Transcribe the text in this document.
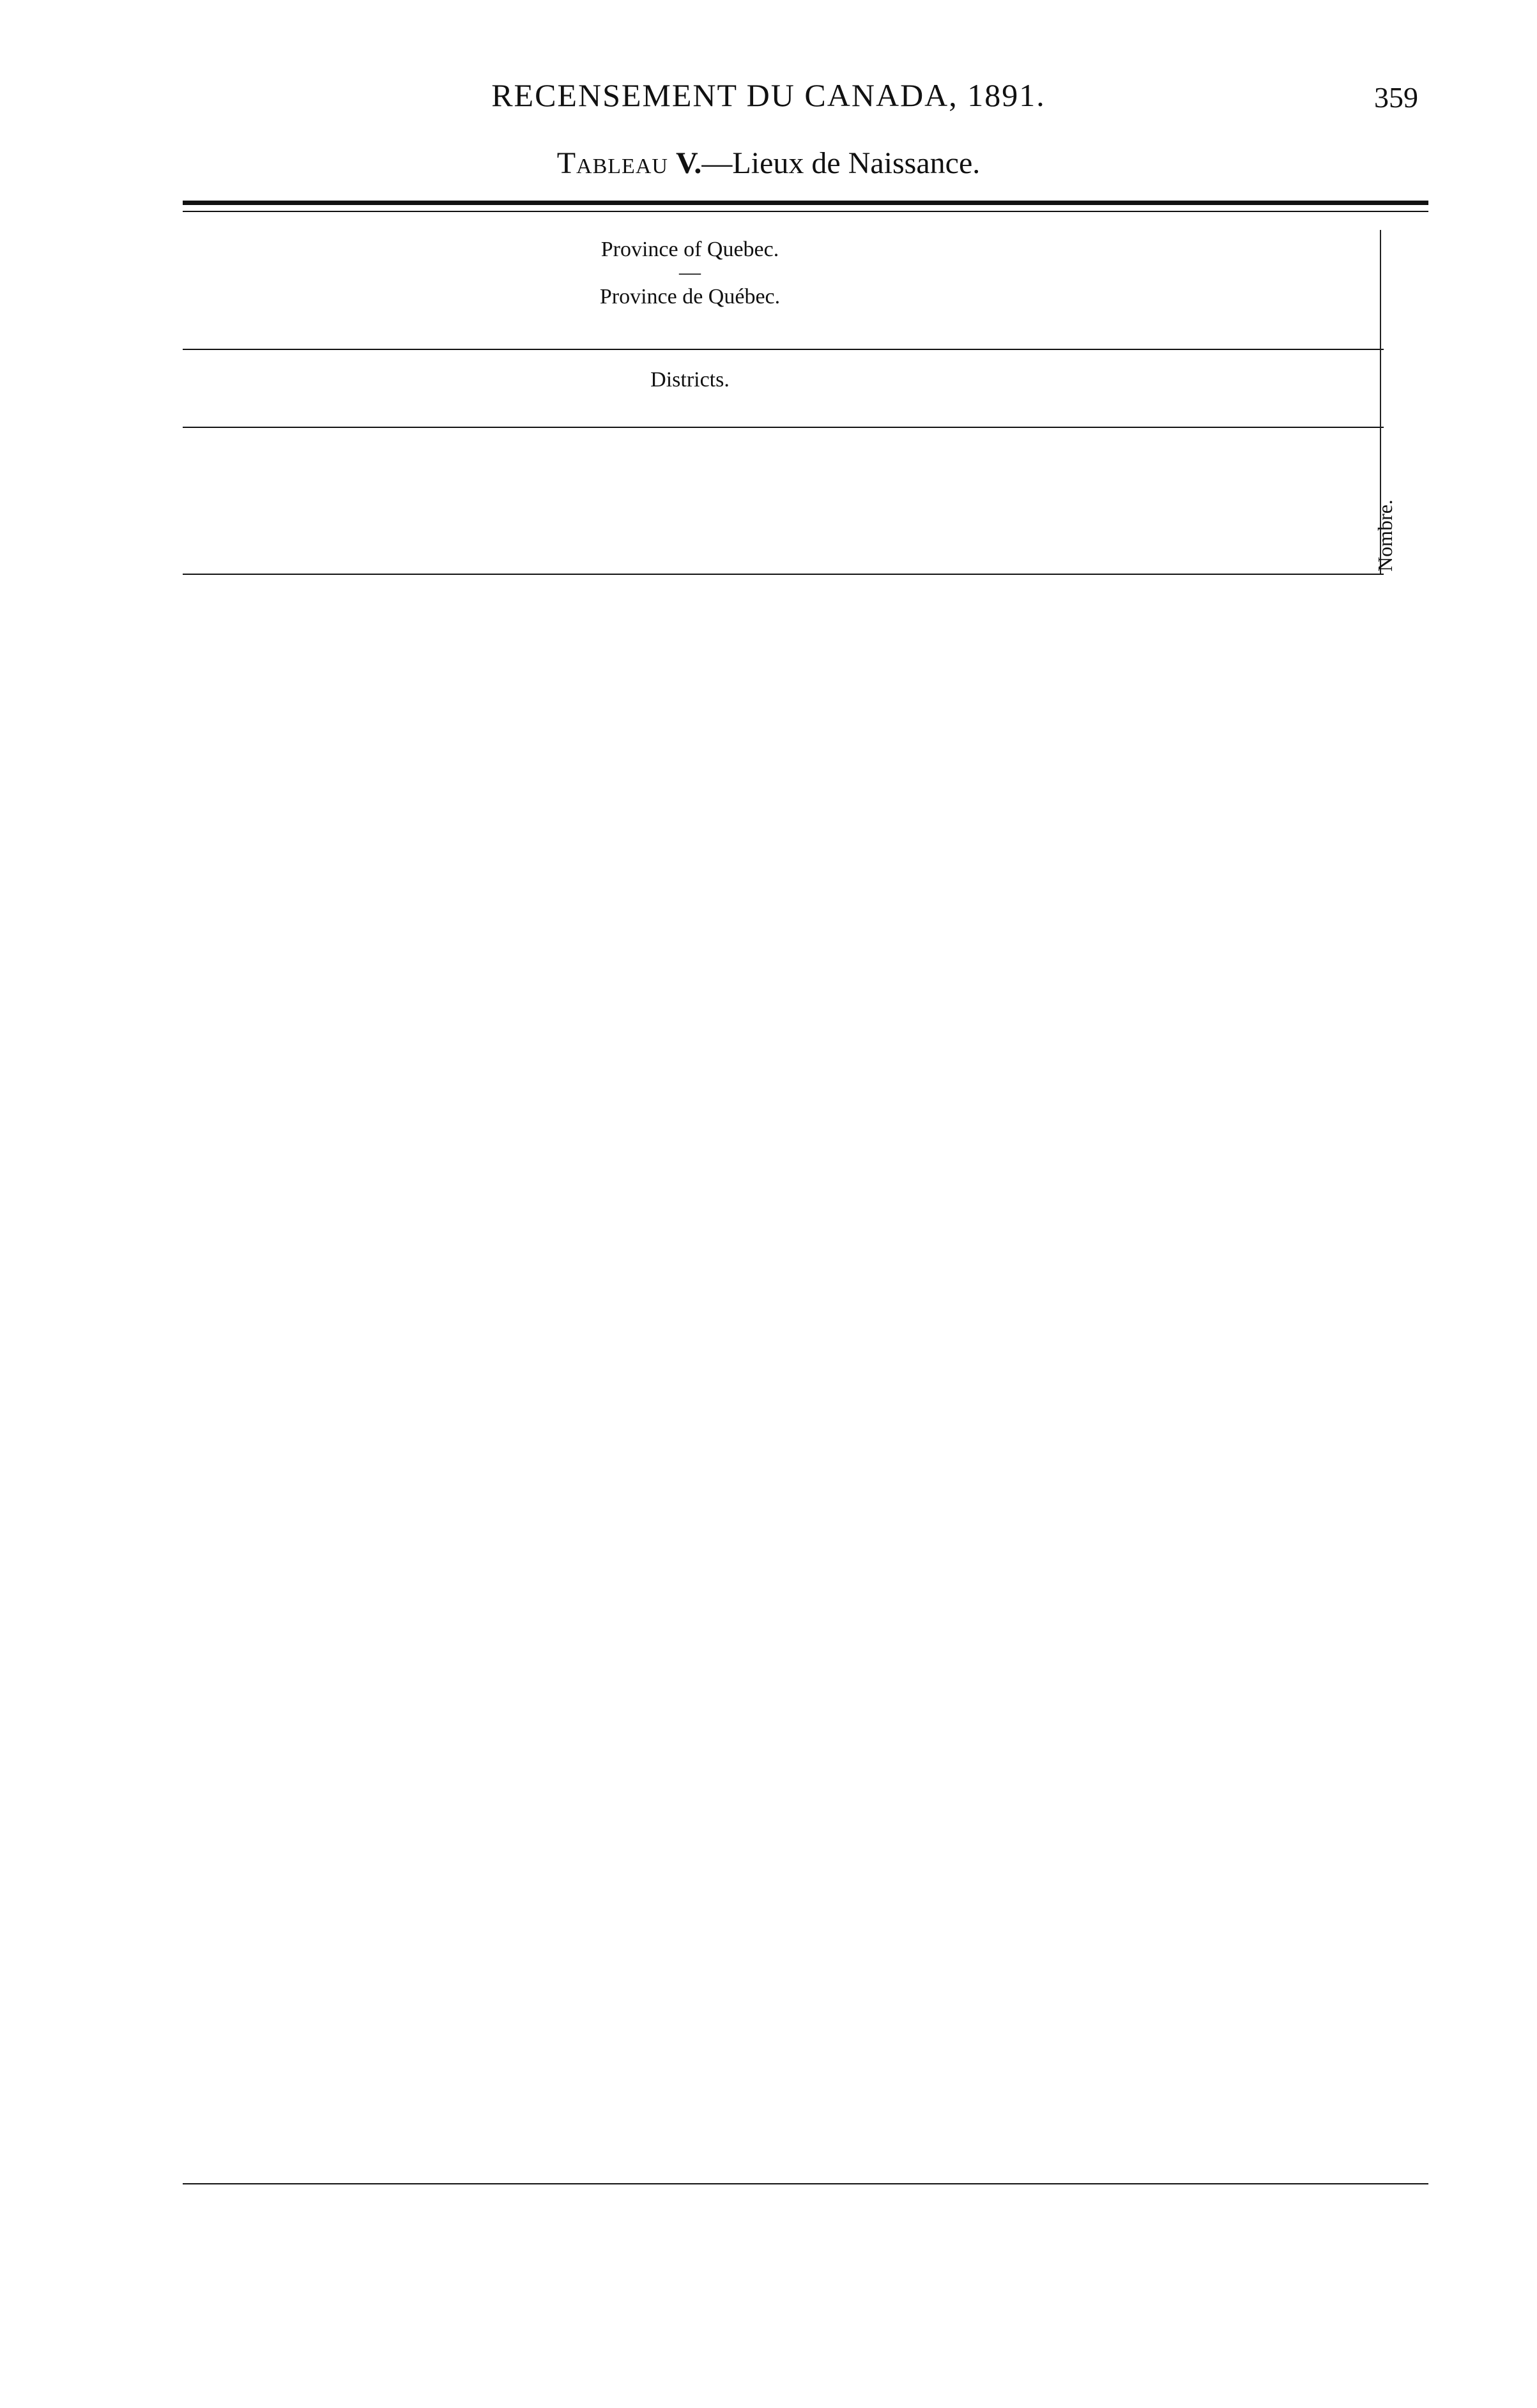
RECENSEMENT DU CANADA, 1891.	359
Tableau V.—Lieux de Naissance.
Province of Quebec.
—
Province de Québec.
Districts.

Nombre.
